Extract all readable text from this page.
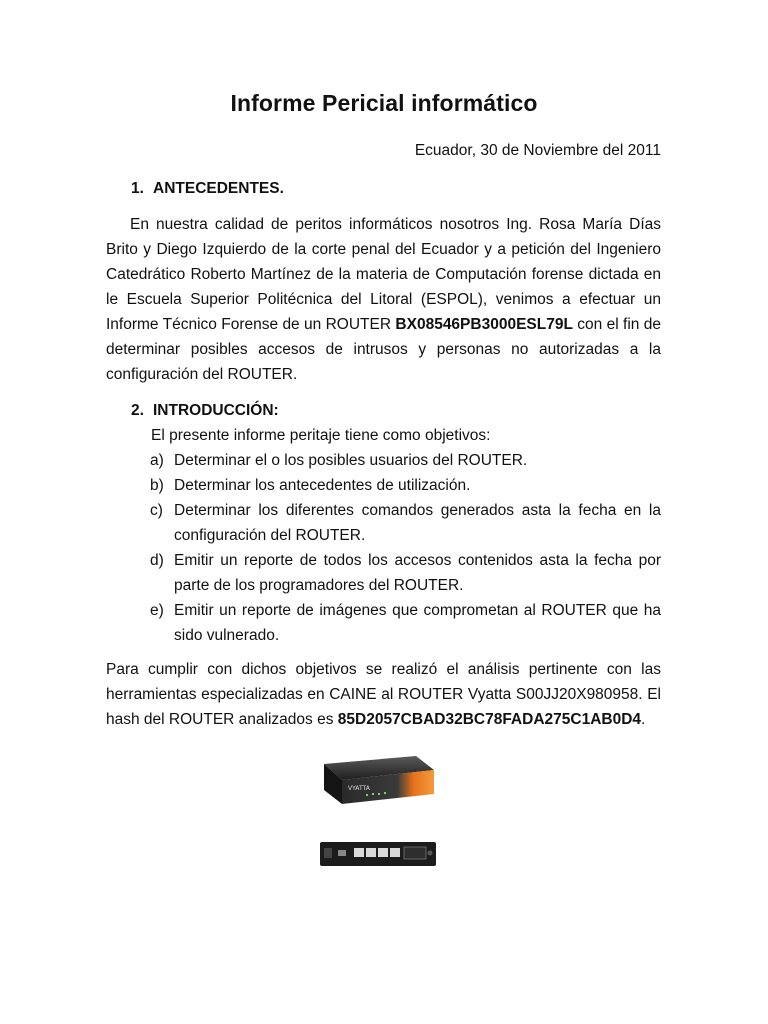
Informe Pericial informático
Ecuador, 30 de Noviembre del 2011
1. ANTECEDENTES.
En nuestra calidad de peritos informáticos nosotros Ing. Rosa María Días Brito y Diego Izquierdo de la corte penal del Ecuador y a petición del Ingeniero Catedrático Roberto Martínez de la materia de Computación forense dictada en le Escuela Superior Politécnica del Litoral (ESPOL), venimos a efectuar un Informe Técnico Forense de un ROUTER BX08546PB3000ESL79L con el fin de determinar posibles accesos de intrusos y personas no autorizadas a la configuración del ROUTER.
2. INTRODUCCIÓN:
El presente informe peritaje tiene como objetivos:
a) Determinar el o los posibles usuarios del ROUTER.
b) Determinar los antecedentes de utilización.
c) Determinar los diferentes comandos generados asta la fecha en la configuración del ROUTER.
d) Emitir un reporte de todos los accesos contenidos asta la fecha por parte de los programadores del ROUTER.
e) Emitir un reporte de imágenes que comprometan al ROUTER que ha sido vulnerado.
Para cumplir con dichos objetivos se realizó el análisis pertinente con las herramientas especializadas en CAINE al ROUTER Vyatta S00JJ20X980958. El hash del ROUTER analizados es 85D2057CBAD32BC78FADA275C1AB0D4.
VYATTA
